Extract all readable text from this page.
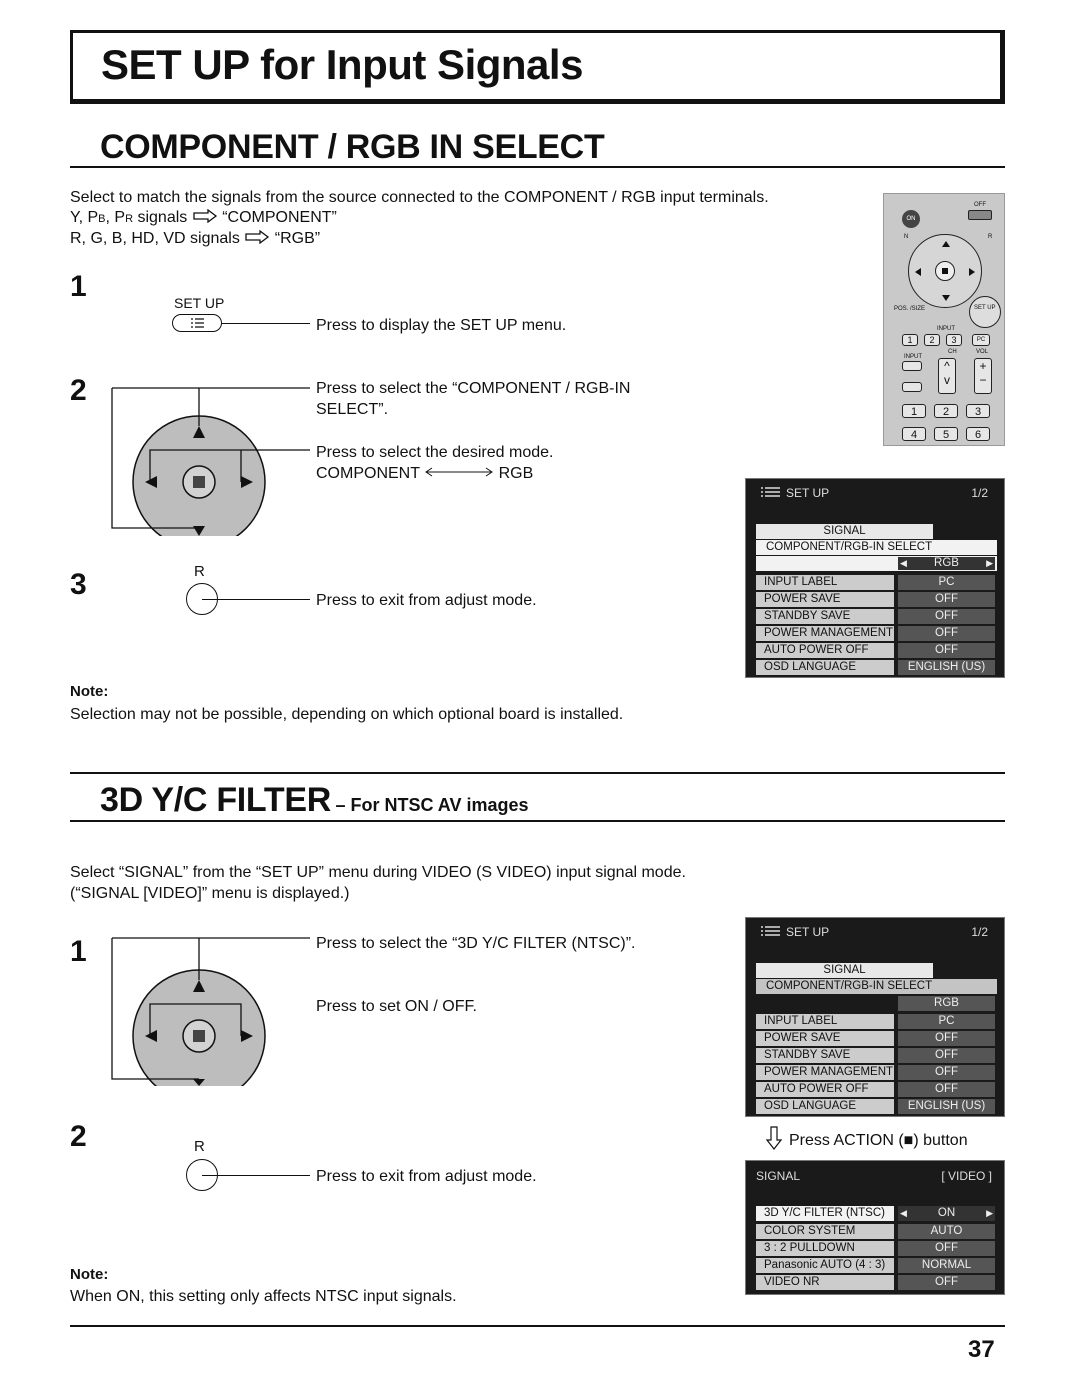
SET UP for Input Signals
COMPONENT / RGB IN SELECT
Select to match the signals from the source connected to the COMPONENT / RGB input terminals.
Y, PB, PR signals “COMPONENT”
R, G, B, HD, VD signals “RGB”
ON
OFF
N	R
POS. /SIZE	SET UP
INPUT
1	2	3	PC
CH	VOL
INPUT
^
v
+
−
1	2	3
4	5	6
1	SET UP
Press to display the SET UP menu.
2	Press to select the “COMPONENT / RGB-IN
SELECT”.
Press to select the desired mode.
COMPONENT	RGB
3	R
Press to exit from adjust mode.
Note:
Selection may not be possible, depending on which optional board is installed.
SET UP	1/2
SIGNAL
COMPONENT/RGB-IN SELECT
◀ RGB	▶
INPUT LABEL	PC
POWER SAVE	OFF
STANDBY SAVE	OFF
POWER MANAGEMENT	OFF
AUTO POWER OFF	OFF
OSD LANGUAGE	ENGLISH (US)
3D Y/C FILTER – For NTSC AV images
Select “SIGNAL” from the “SET UP” menu during VIDEO (S VIDEO) input signal mode.
(“SIGNAL [VIDEO]” menu is displayed.)
1	Press to select the “3D Y/C FILTER (NTSC)”.
Press to set ON / OFF.
2	R
Press to exit from adjust mode.
Note:
When ON, this setting only affects NTSC input signals.
SET UP	1/2
SIGNAL
COMPONENT/RGB-IN SELECT
RGB
INPUT LABEL	PC
POWER SAVE	OFF
STANDBY SAVE	OFF
POWER MANAGEMENT	OFF
AUTO POWER OFF	OFF
OSD LANGUAGE	ENGLISH (US)
Press ACTION (■) button
SIGNAL	[ VIDEO ]
3D Y/C FILTER (NTSC)	◀	ON	▶
COLOR SYSTEM	AUTO
3 : 2 PULLDOWN	OFF
Panasonic AUTO (4 : 3)	NORMAL
VIDEO NR	OFF
37
